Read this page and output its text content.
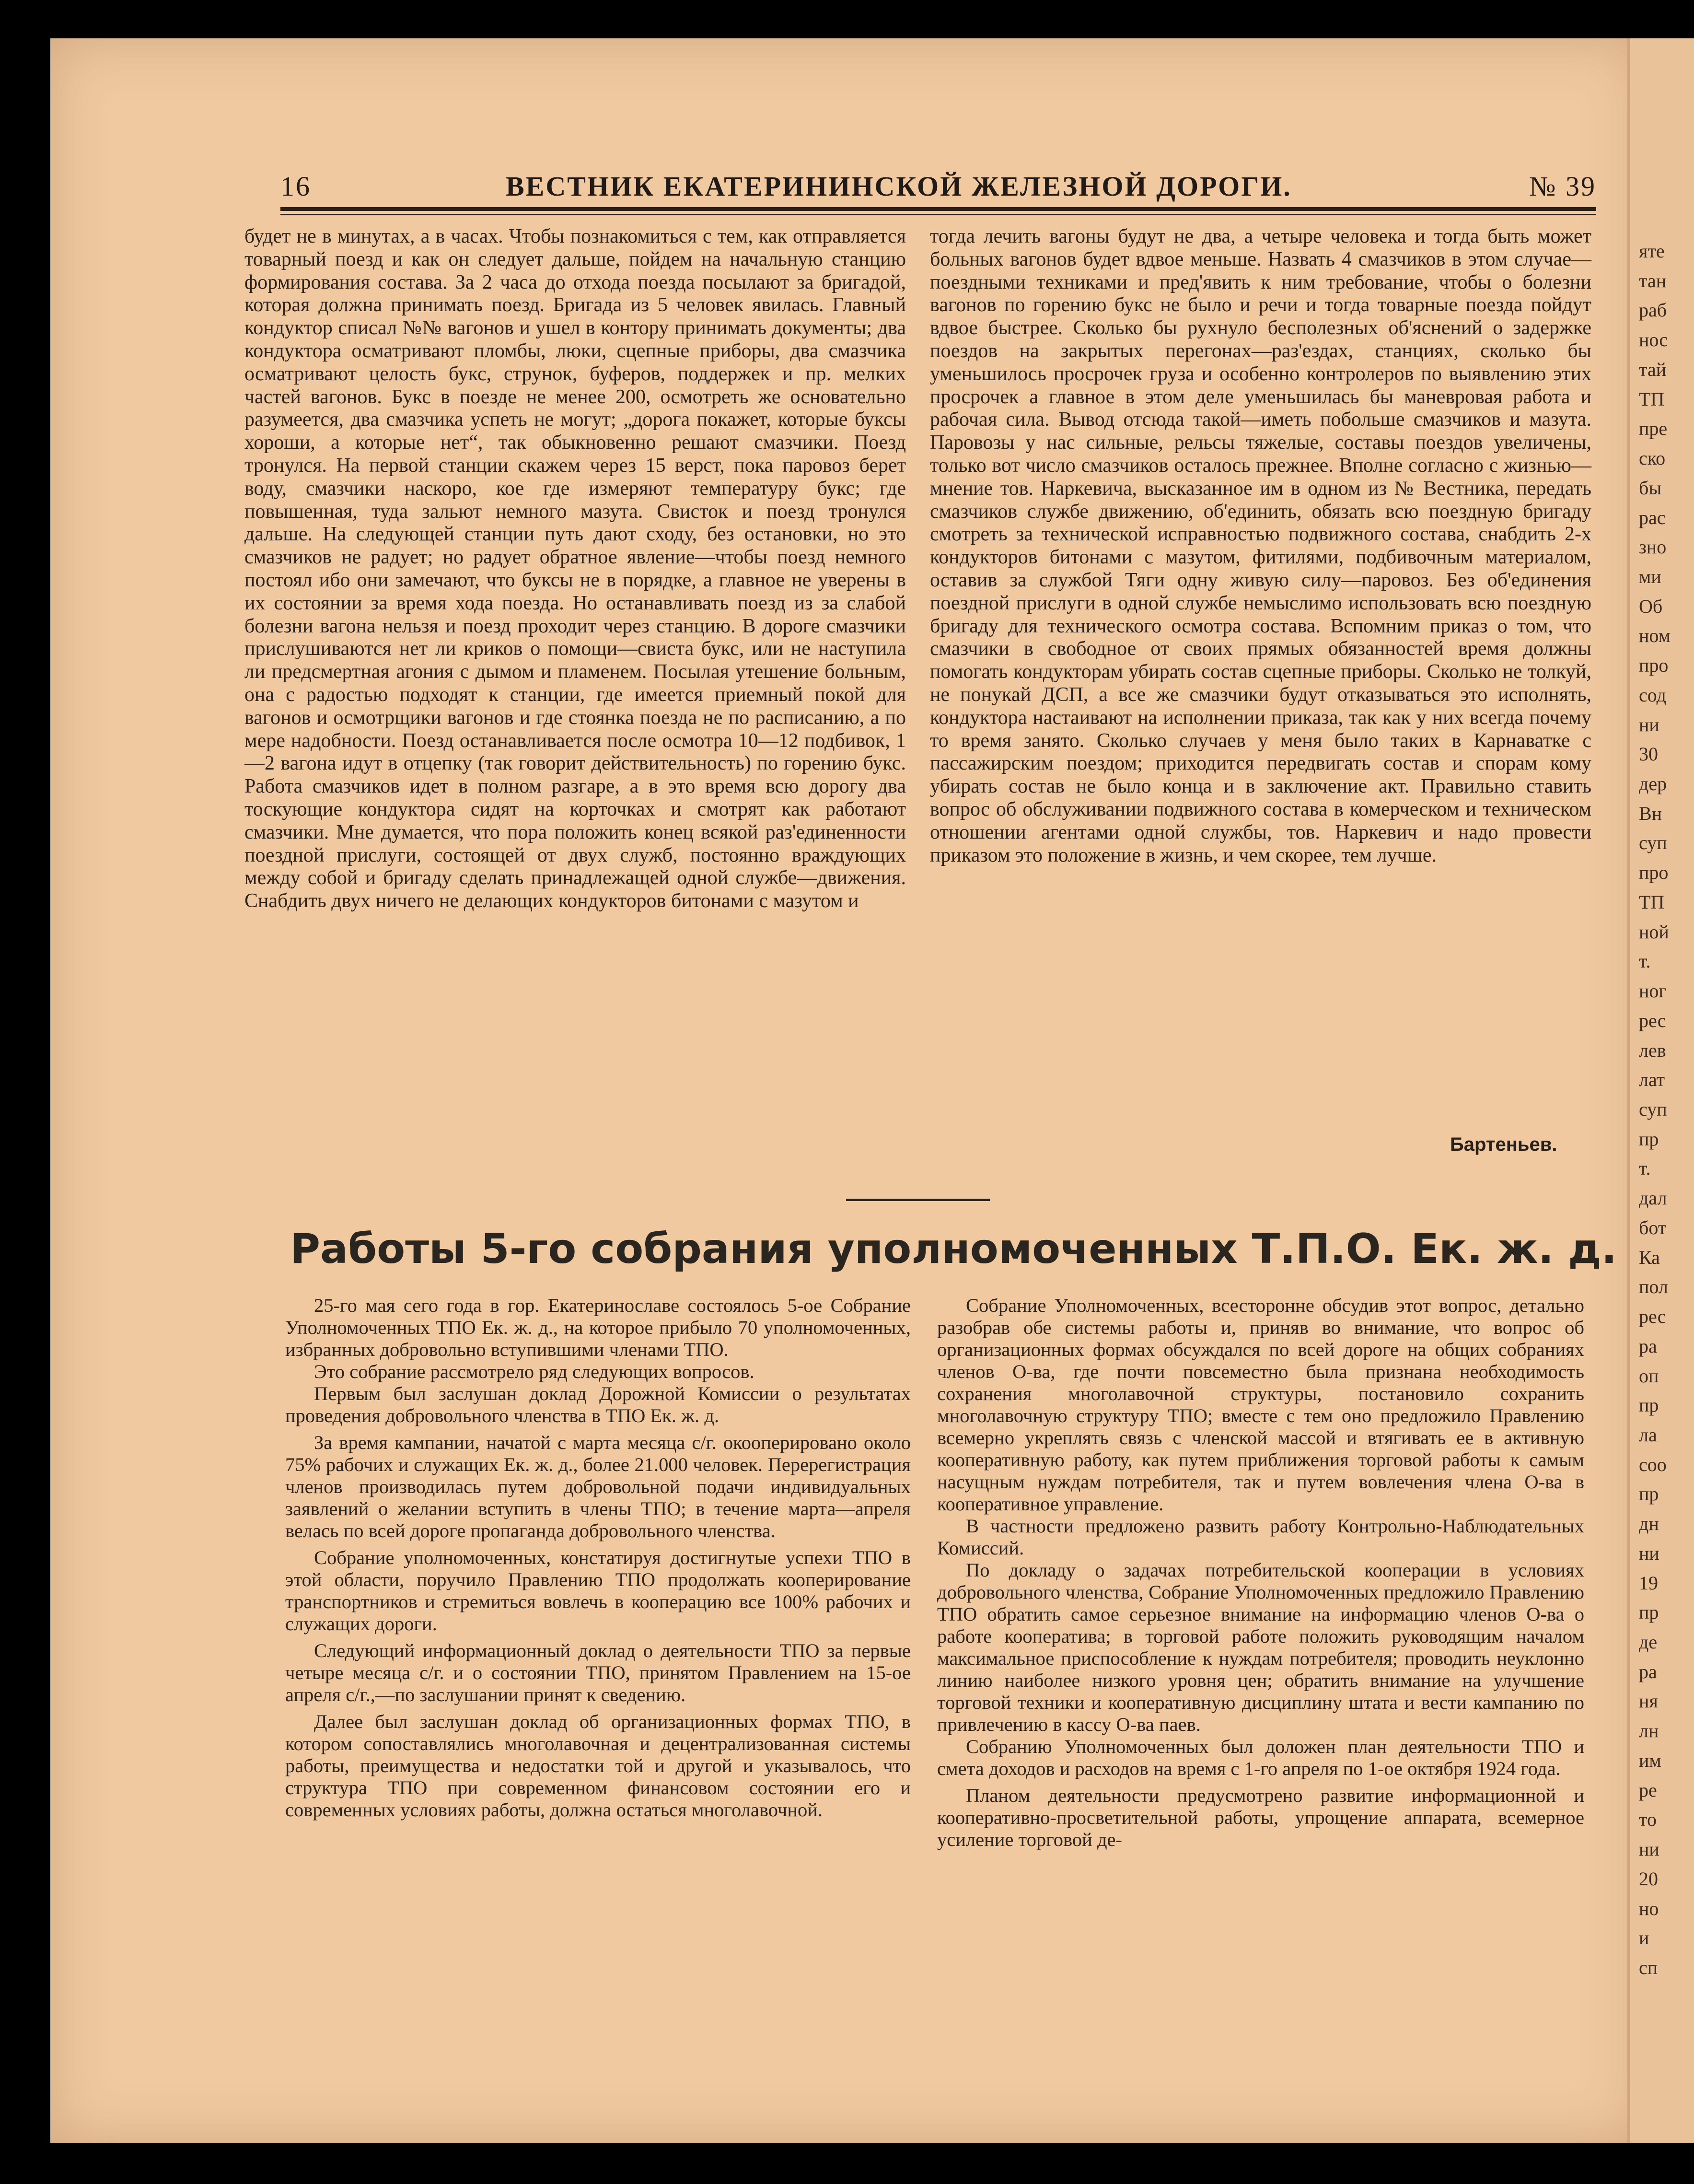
яте
тан
раб
нос
тай
ТП
пре
ско
бы
рас
зно
ми
Об
ном
про
сод
ни
30
дер
Вн
суп
про
ТП
ной
т.
ног
рес
лев
лат
суп
пр
т.
дал
бот
Ка
пол
рес
ра
оп
пр
ла
соо
пр
дн
ни
19
пр
де
ра
ня
лн
им
ре
то
ни
20
но
и
сп
16	ВЕСТНИК ЕКАТЕРИНИНСКОЙ ЖЕЛЕЗНОЙ ДОРОГИ.	№ 39

будет не в минутах, а в часах. Чтобы познакомиться с тем, как отправляется товарный поезд и как он следует дальше, пойдем на начальную станцию формирования состава. За 2 часа до отхода поезда посылают за бригадой, которая должна принимать поезд. Бригада из 5 человек явилась. Главный кондуктор списал №№ вагонов и ушел в контору принимать документы; два кондуктора осматривают пломбы, люки, сцепные приборы, два смазчика осматривают целость букс, струнок, буферов, поддержек и пр. мелких частей вагонов. Букс в поезде не менее 200, осмотреть же основательно разумеется, два смазчика успеть не могут; „дорога покажет, которые буксы хороши, а которые нет“, так обыкновенно решают смазчики. Поезд тронулся. На первой станции скажем через 15 верст, пока паровоз берет воду, смазчики наскоро, кое где измеряют температуру букс; где повышенная, туда зальют немного мазута. Свисток и поезд тронулся дальше. На следующей станции путь дают сходу, без остановки, но это смазчиков не радует; но радует обратное явление—чтобы поезд немного постоял ибо они замечают, что буксы не в порядке, а главное не уверены в их состоянии за время хода поезда. Но останавливать поезд из за слабой болезни вагона нельзя и поезд проходит через станцию. В дороге смазчики прислушиваются нет ли криков о помощи—свиста букс, или не наступила ли предсмертная агония с дымом и пламенем. Посылая утешение больным, она с радостью подходят к станции, где имеется приемный покой для вагонов и осмотрщики вагонов и где стоянка поезда не по расписанию, а по мере надобности. Поезд останавливается после осмотра 10—12 подбивок, 1—2 вагона идут в отцепку (так говорит действительность) по горению букс. Работа смазчиков идет в полном разгаре, а в это время всю дорогу два тоскующие кондуктора сидят на корточках и смотрят как работают смазчики. Мне думается, что пора положить конец всякой раз'единенности поездной прислуги, состоящей от двух служб, постоянно враждующих между собой и бригаду сделать принадлежащей одной службе—движения. Снабдить двух ничего не делающих кондукторов битонами с мазутом и

тогда лечить вагоны будут не два, а четыре человека и тогда быть может больных вагонов будет вдвое меньше. Назвать 4 смазчиков в этом случае—поездными техниками и пред'явить к ним требование, чтобы о болезни вагонов по горению букс не было и речи и тогда товарные поезда пойдут вдвое быстрее. Сколько бы рухнуло бесполезных об'яснений о задержке поездов на закрытых перегонах—раз'ездах, станциях, сколько бы уменьшилось просрочек груза и особенно контролеров по выявлению этих просрочек а главное в этом деле уменьшилась бы маневровая работа и рабочая сила. Вывод отсюда такой—иметь побольше смазчиков и мазута. Паровозы у нас сильные, рельсы тяжелые, составы поездов увеличены, только вот число смазчиков осталось прежнее. Вполне согласно с жизнью—мнение тов. Наркевича, высказанное им в одном из № Вестника, передать смазчиков службе движению, об'единить, обязать всю поездную бригаду смотреть за технической исправностью подвижного состава, снабдить 2-х кондукторов битонами с мазутом, фитилями, подбивочным материалом, оставив за службой Тяги одну живую силу—паровоз. Без об'единения поездной прислуги в одной службе немыслимо использовать всю поездную бригаду для технического осмотра состава. Вспомним приказ о том, что смазчики в свободное от своих прямых обязанностей время должны помогать кондукторам убирать состав сцепные приборы. Сколько не толкуй, не понукай ДСП, а все же смазчики будут отказываться это исполнять, кондуктора настаивают на исполнении приказа, так как у них всегда почему то время занято. Сколько случаев у меня было таких в Карнаватке с пассажирским поездом; приходится передвигать состав и спорам кому убирать состав не было конца и в заключение акт. Правильно ставить вопрос об обслуживании подвижного состава в комерческом и техническом отношении агентами одной службы, тов. Наркевич и надо провести приказом это положение в жизнь, и чем скорее, тем лучше.

Бартеньев.
Работы 5-го собрания уполномоченных Т.П.О. Ек. ж. д.

25-го мая сего года в гор. Екатеринославе состоялось 5-ое Собрание Уполномоченных ТПО Ек. ж. д., на которое прибыло 70 уполномоченных, избранных добровольно вступившими членами ТПО.

Это собрание рассмотрело ряд следующих вопросов.

Первым был заслушан доклад Дорожной Комиссии о результатах проведения добровольного членства в ТПО Ек. ж. д.

За время кампании, начатой с марта месяца с/г. окооперировано около 75% рабочих и служащих Ек. ж. д., более 21.000 человек. Перерегистрация членов производилась путем добровольной подачи индивидуальных заявлений о желании вступить в члены ТПО; в течение марта—апреля велась по всей дороге пропаганда добровольного членства.

Собрание уполномоченных, констатируя достигнутые успехи ТПО в этой области, поручило Правлению ТПО продолжать кооперирование транспортников и стремиться вовлечь в кооперацию все 100% рабочих и служащих дороги.

Следующий информационный доклад о деятельности ТПО за первые четыре месяца с/г. и о состоянии ТПО, принятом Правлением на 15-ое апреля с/г.,—по заслушании принят к сведению.

Далее был заслушан доклад об организационных формах ТПО, в котором сопоставлялись многолавочная и децентрализованная системы работы, преимущества и недостатки той и другой и указывалось, что структура ТПО при современном финансовом состоянии его и современных условиях работы, должна остаться многолавочной.

Собрание Уполномоченных, всесторонне обсудив этот вопрос, детально разобрав обе системы работы и, приняв во внимание, что вопрос об организационных формах обсуждался по всей дороге на общих собраниях членов О-ва, где почти повсеместно была признана необходимость сохранения многолавочной структуры, постановило сохранить многолавочную структуру ТПО; вместе с тем оно предложило Правлению всемерно укреплять связь с членской массой и втягивать ее в активную кооперативную работу, как путем приближения торговой работы к самым насущным нуждам потребителя, так и путем вовлечения члена О-ва в кооперативное управление.

В частности предложено развить работу Контрольно-Наблюдательных Комиссий.

По докладу о задачах потребительской кооперации в условиях добровольного членства, Собрание Уполномоченных предложило Правлению ТПО обратить самое серьезное внимание на информацию членов О-ва о работе кооператива; в торговой работе положить руководящим началом максимальное приспособление к нуждам потребителя; проводить неуклонно линию наиболее низкого уровня цен; обратить внимание на улучшение торговой техники и кооперативную дисциплину штата и вести кампанию по привлечению в кассу О-ва паев.

Собранию Уполномоченных был доложен план деятельности ТПО и смета доходов и расходов на время с 1-го апреля по 1-ое октября 1924 года.

Планом деятельности предусмотрено развитие информационной и кооперативно-просветительной работы, упрощение аппарата, всемерное усиление торговой де-
